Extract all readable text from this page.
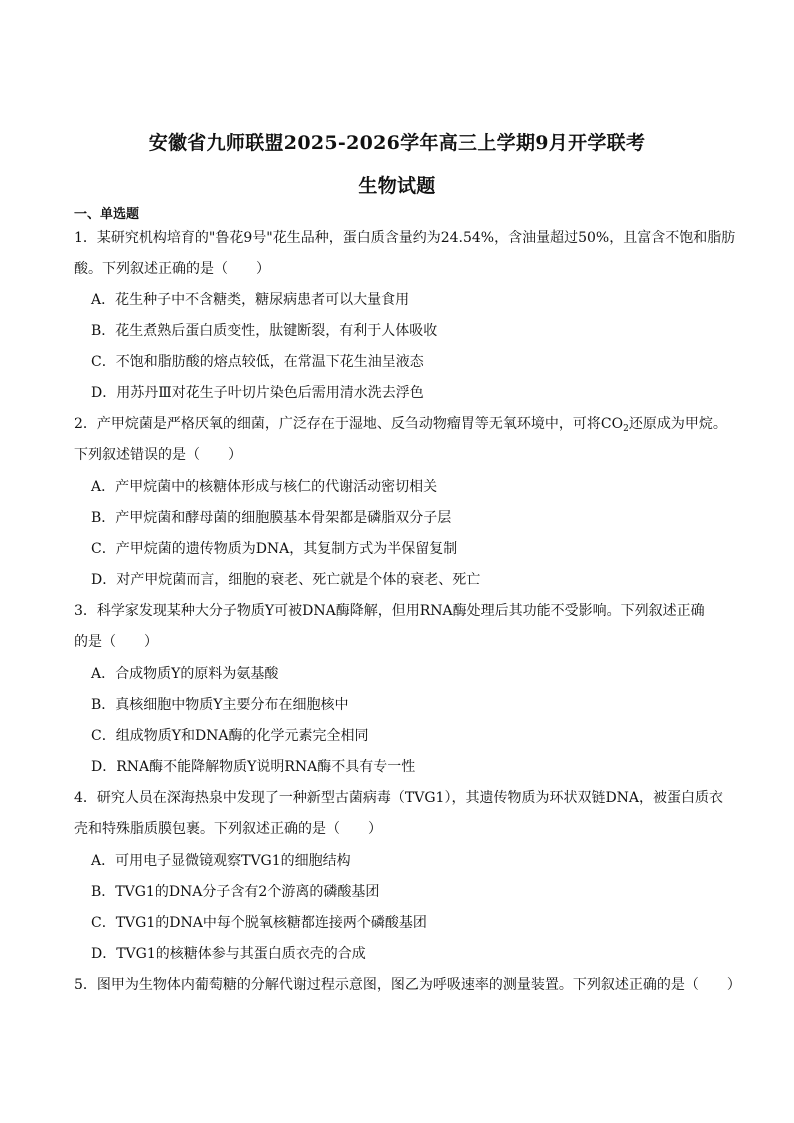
安徽省九师联盟2025-2026学年高三上学期9月开学联考
生物试题
一、单选题
1．某研究机构培育的"鲁花9号"花生品种，蛋白质含量约为24.54%，含油量超过50%，且富含不饱和脂肪
酸。下列叙述正确的是（　　）
A．花生种子中不含糖类，糖尿病患者可以大量食用
B．花生煮熟后蛋白质变性，肽键断裂，有利于人体吸收
C．不饱和脂肪酸的熔点较低，在常温下花生油呈液态
D．用苏丹Ⅲ对花生子叶切片染色后需用清水洗去浮色
2．产甲烷菌是严格厌氧的细菌，广泛存在于湿地、反刍动物瘤胃等无氧环境中，可将$CO_2$还原成为甲烷。
下列叙述错误的是（　　）
A．产甲烷菌中的核糖体形成与核仁的代谢活动密切相关
B．产甲烷菌和酵母菌的细胞膜基本骨架都是磷脂双分子层
C．产甲烷菌的遗传物质为DNA，其复制方式为半保留复制
D．对产甲烷菌而言，细胞的衰老、死亡就是个体的衰老、死亡
3．科学家发现某种大分子物质Y可被DNA酶降解，但用RNA酶处理后其功能不受影响。下列叙述正确
的是（　　）
A．合成物质Y的原料为氨基酸
B．真核细胞中物质Y主要分布在细胞核中
C．组成物质Y和DNA酶的化学元素完全相同
D．RNA酶不能降解物质Y说明RNA酶不具有专一性
4．研究人员在深海热泉中发现了一种新型古菌病毒（TVG1），其遗传物质为环状双链DNA，被蛋白质衣
壳和特殊脂质膜包裹。下列叙述正确的是（　　）
A．可用电子显微镜观察TVG1的细胞结构
B．TVG1的DNA分子含有2个游离的磷酸基团
C．TVG1的DNA中每个脱氧核糖都连接两个磷酸基团
D．TVG1的核糖体参与其蛋白质衣壳的合成
5．图甲为生物体内葡萄糖的分解代谢过程示意图，图乙为呼吸速率的测量装置。下列叙述正确的是（　　）
